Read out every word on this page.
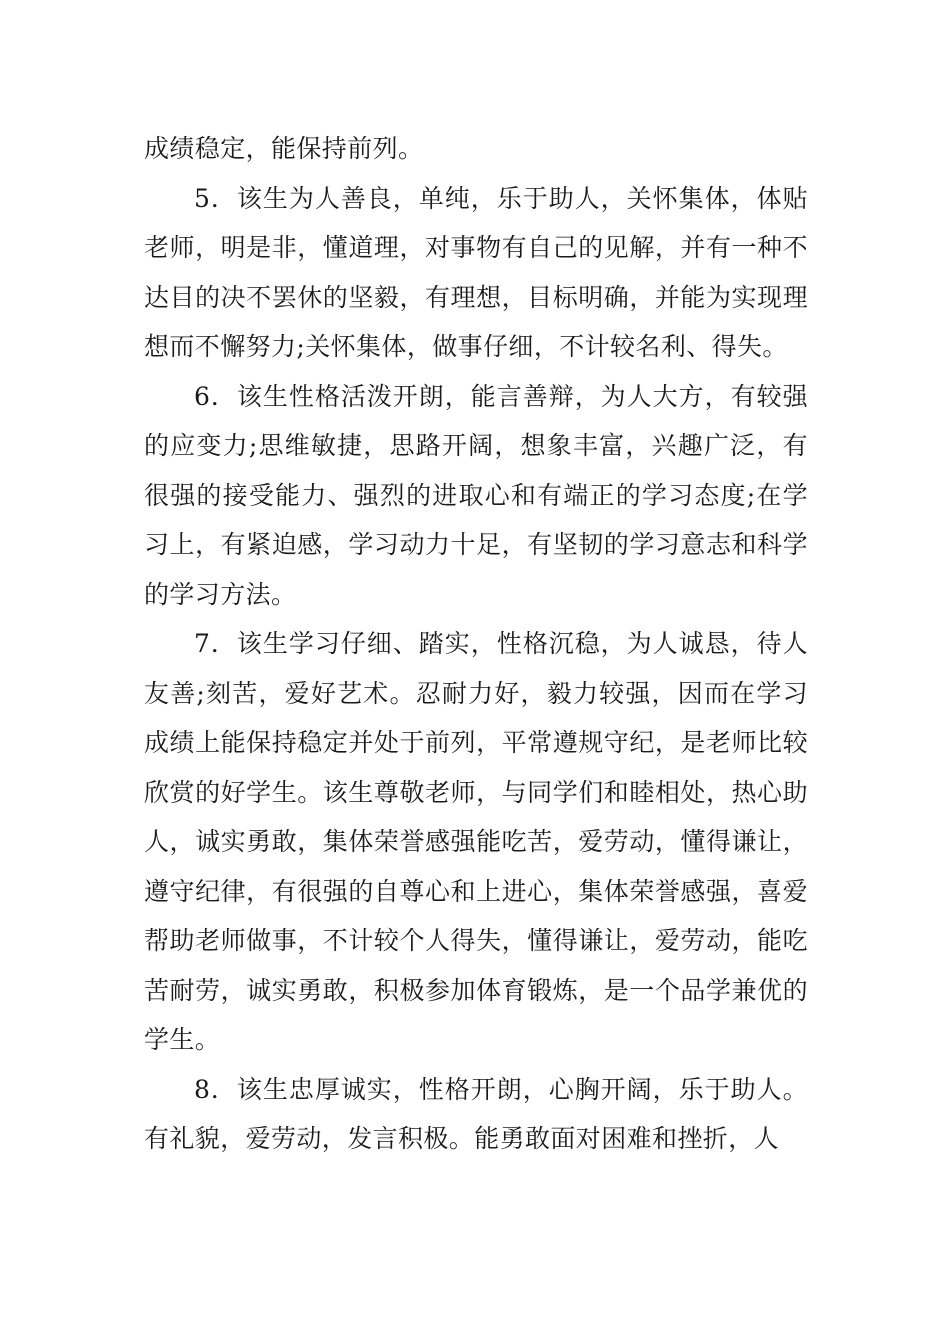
成绩稳定，能保持前列。

5．该生为人善良，单纯，乐于助人，关怀集体，体贴老师，明是非，懂道理，对事物有自己的见解，并有一种不达目的决不罢休的坚毅，有理想，目标明确，并能为实现理想而不懈努力;关怀集体，做事仔细，不计较名利、得失。

6．该生性格活泼开朗，能言善辩，为人大方，有较强的应变力;思维敏捷，思路开阔，想象丰富，兴趣广泛，有很强的接受能力、强烈的进取心和有端正的学习态度;在学习上，有紧迫感，学习动力十足，有坚韧的学习意志和科学的学习方法。

7．该生学习仔细、踏实，性格沉稳，为人诚恳，待人友善;刻苦，爱好艺术。忍耐力好，毅力较强，因而在学习成绩上能保持稳定并处于前列，平常遵规守纪，是老师比较欣赏的好学生。该生尊敬老师，与同学们和睦相处，热心助人，诚实勇敢，集体荣誉感强能吃苦，爱劳动，懂得谦让，遵守纪律，有很强的自尊心和上进心，集体荣誉感强，喜爱帮助老师做事，不计较个人得失，懂得谦让，爱劳动，能吃苦耐劳，诚实勇敢，积极参加体育锻炼，是一个品学兼优的学生。

8．该生忠厚诚实，性格开朗，心胸开阔，乐于助人。有礼貌，爱劳动，发言积极。能勇敢面对困难和挫折，人
